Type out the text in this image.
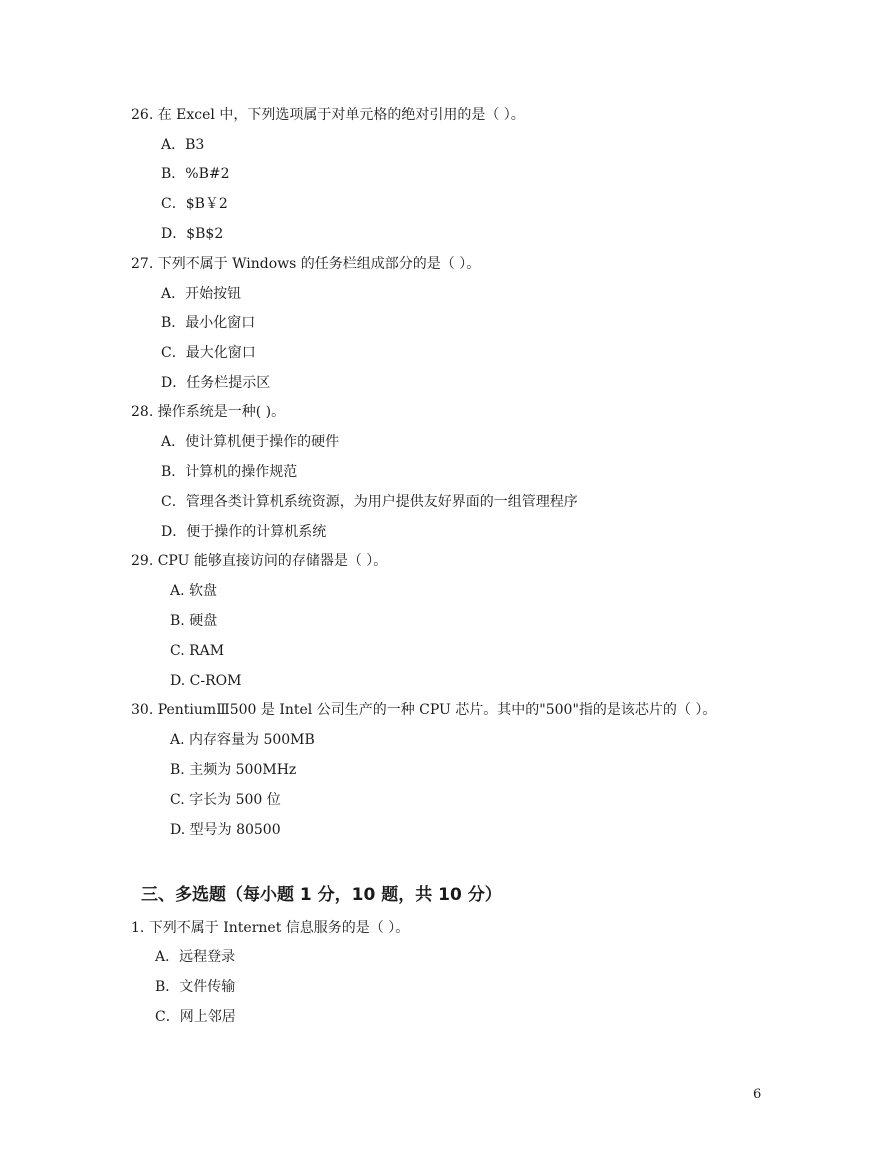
26. 在 Excel 中，下列选项属于对单元格的绝对引用的是（ ）。
A．B3
B．%B#2
C．$B￥2
D．$B$2
27. 下列不属于 Windows 的任务栏组成部分的是（ ）。
A．开始按钮
B．最小化窗口
C．最大化窗口
D．任务栏提示区
28. 操作系统是一种( )。
A．使计算机便于操作的硬件
B．计算机的操作规范
C．管理各类计算机系统资源，为用户提供友好界面的一组管理程序
D．便于操作的计算机系统
29. CPU 能够直接访问的存储器是（ ）。
A. 软盘
B. 硬盘
C. RAM
D. C-ROM
30. PentiumⅢ500 是 Intel 公司生产的一种 CPU 芯片。其中的"500"指的是该芯片的（ ）。
A. 内存容量为 500MB
B. 主频为 500MHz
C. 字长为 500 位
D. 型号为 80500
三、多选题（每小题 1 分，10 题，共 10 分）
1. 下列不属于 Internet 信息服务的是（ ）。
A．远程登录
B．文件传输
C．网上邻居
6
